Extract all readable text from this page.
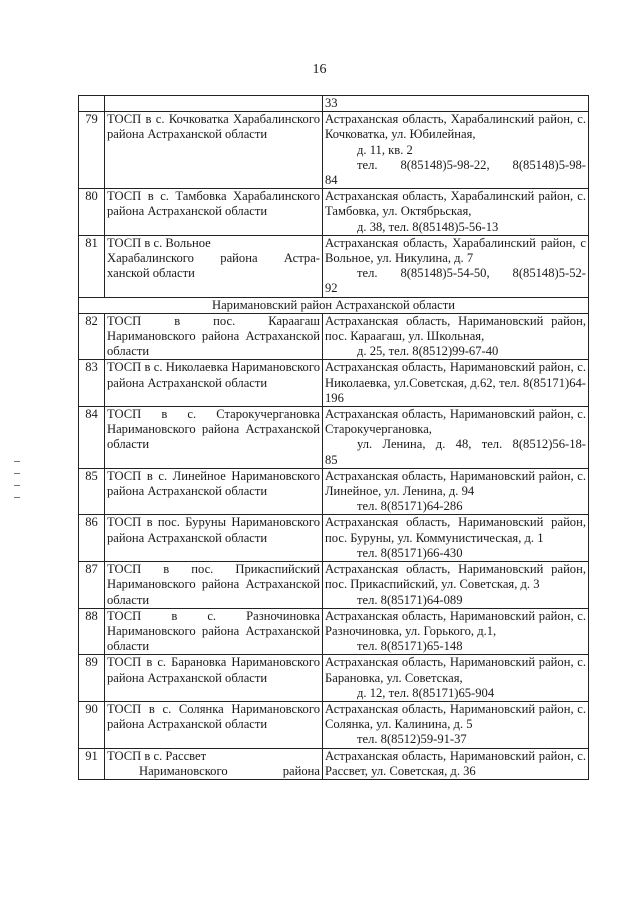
16
		33
79	ТОСП в с. Кочковатка Харабалинского района Астраханской области	Астраханская область, Харабалинский район, с. Кочковатка, ул. Юбилейная,
д. 11, кв. 2
тел. 8(85148)5-98-22, 8(85148)5-98-
84

80	ТОСП в с. Тамбовка Харабалинского района Астраханской области	Астраханская область, Харабалинский район, с. Тамбовка, ул. Октябрьская,
д. 38, тел. 8(85148)5-56-13

81	ТОСП в с. Вольное
Харабалинского района Астра-
ханской области	Астраханская область, Харабалинский район, с Вольное, ул. Никулина, д. 7
тел. 8(85148)5-54-50, 8(85148)5-52-
92

Наримановский район Астраханской области		
82	ТОСП в пос. Караагаш Наримановского района Астраханской области	Астраханская область, Наримановский район, пос. Караагаш, ул. Школьная,
д. 25, тел. 8(8512)99-67-40

83	ТОСП в с. Николаевка Наримановского района Астраханской области	Астраханская область, Наримановский район, с. Николаевка, ул.Советская, д.62, тел. 8(85171)64-196

84	ТОСП в с. Старокучергановка Наримановского района Астраханской области	Астраханская область, Наримановский район, с. Старокучергановка,
ул. Ленина, д. 48, тел. 8(8512)56-18-
85

85	ТОСП в с. Линейное Наримановского района Астраханской области	Астраханская область, Наримановский район, с. Линейное, ул. Ленина, д. 94
тел. 8(85171)64-286

86	ТОСП в пос. Буруны Наримановского района Астраханской области	Астраханская область, Наримановский район, пос. Буруны, ул. Коммунистическая, д. 1
тел. 8(85171)66-430

87	ТОСП в пос. Прикаспийский Наримановского района Астраханской области	Астраханская область, Наримановский район, пос. Прикаспийский, ул. Советская, д. 3
тел. 8(85171)64-089

88	ТОСП в с. Разночиновка Наримановского района Астраханской области	Астраханская область, Наримановский район, с. Разночиновка, ул. Горького, д.1,
тел. 8(85171)65-148

89	ТОСП в с. Барановка Наримановского района Астраханской области	Астраханская область, Наримановский район, с. Барановка, ул. Советская,
д. 12, тел. 8(85171)65-904

90	ТОСП в с. Солянка Наримановского района Астраханской области	Астраханская область, Наримановский район, с. Солянка, ул. Калинина, д. 5
тел. 8(8512)59-91-37

91	ТОСП в с. Рассвет
Наримановского района	Астраханская область, Наримановский район, с. Рассвет, ул. Советская, д. 36
